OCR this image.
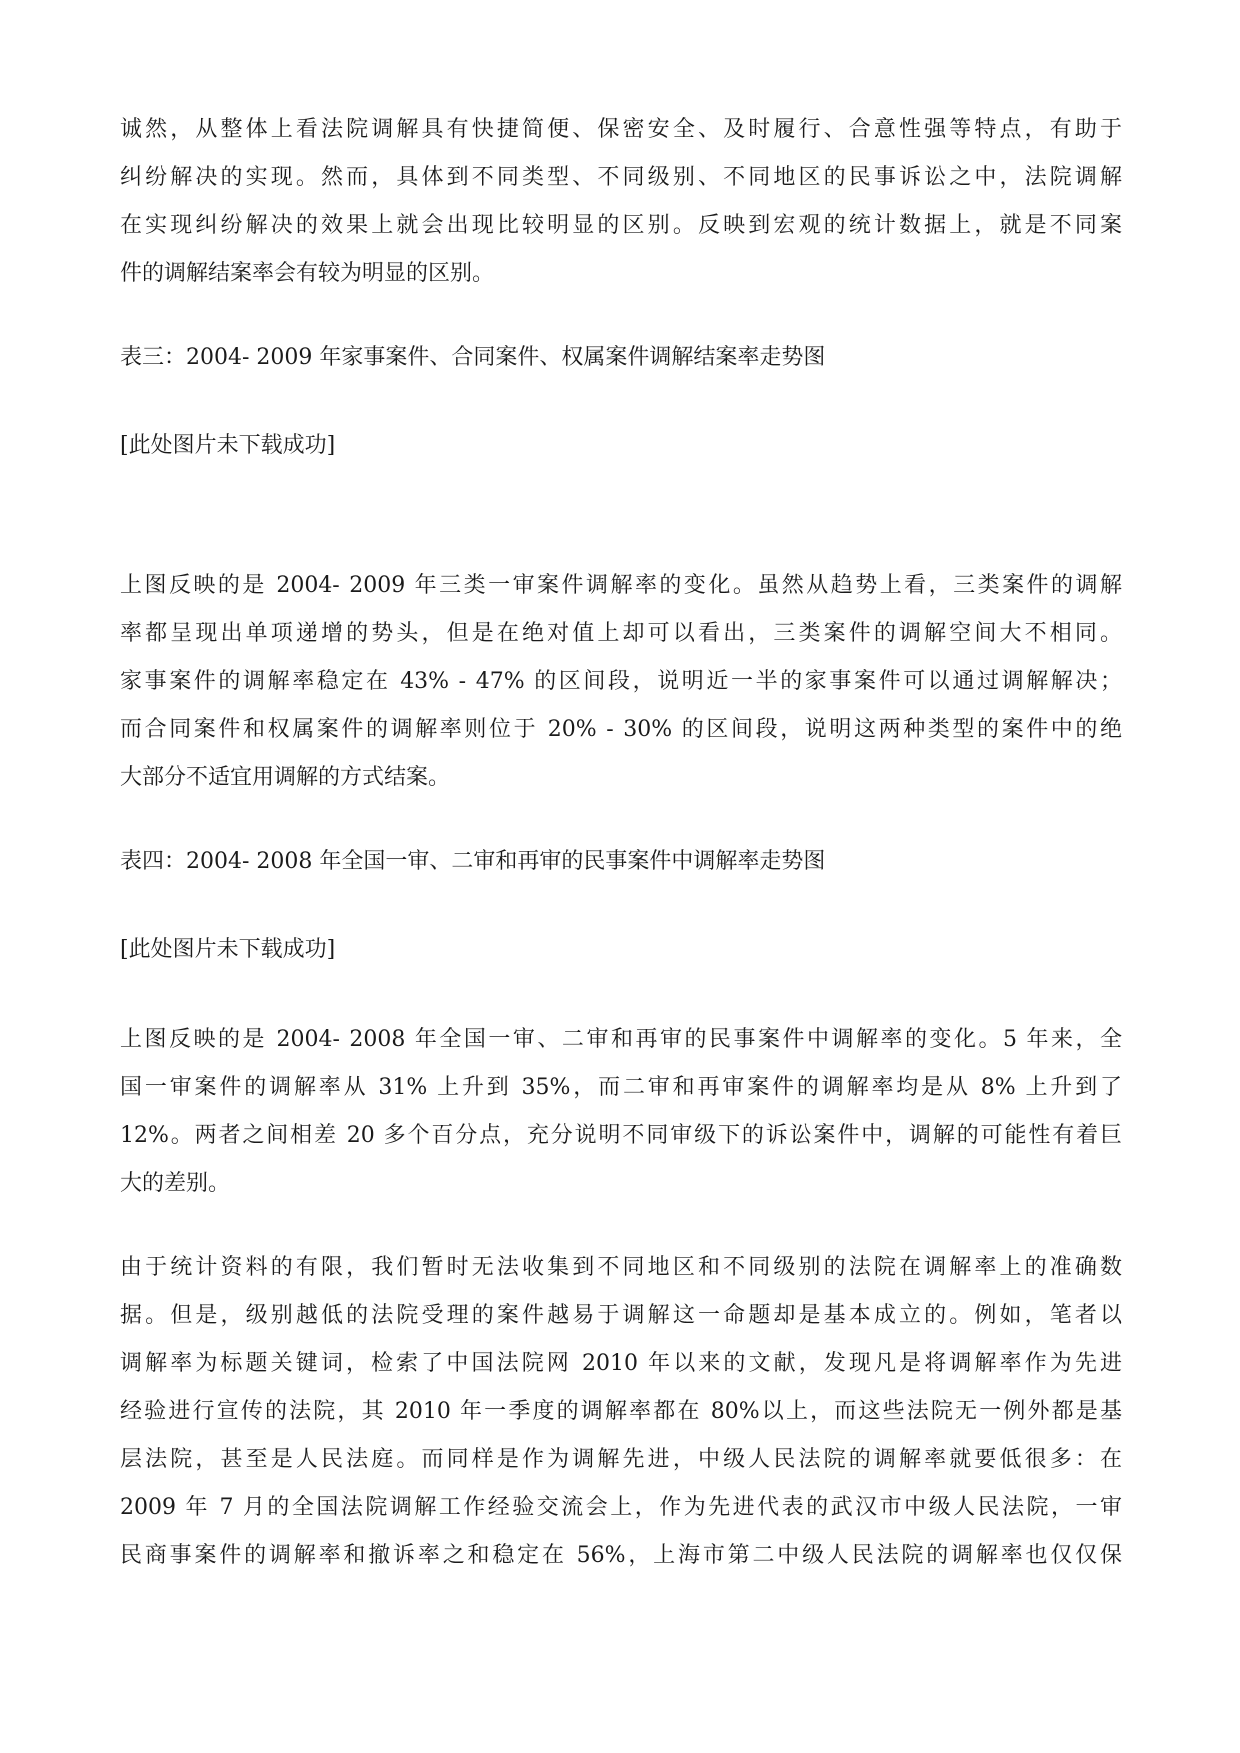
诚然，从整体上看法院调解具有快捷简便、保密安全、及时履行、合意性强等特点，有助于
纠纷解决的实现。然而，具体到不同类型、不同级别、不同地区的民事诉讼之中，法院调解
在实现纠纷解决的效果上就会出现比较明显的区别。反映到宏观的统计数据上，就是不同案
件的调解结案率会有较为明显的区别。
表三：2004- 2009 年家事案件、合同案件、权属案件调解结案率走势图
[此处图片未下载成功]
上图反映的是 2004- 2009 年三类一审案件调解率的变化。虽然从趋势上看，三类案件的调解
率都呈现出单项递增的势头，但是在绝对值上却可以看出，三类案件的调解空间大不相同。
家事案件的调解率稳定在 43% - 47% 的区间段，说明近一半的家事案件可以通过调解解决；
而合同案件和权属案件的调解率则位于 20% - 30% 的区间段，说明这两种类型的案件中的绝
大部分不适宜用调解的方式结案。
表四：2004- 2008 年全国一审、二审和再审的民事案件中调解率走势图
[此处图片未下载成功]
上图反映的是 2004- 2008 年全国一审、二审和再审的民事案件中调解率的变化。5 年来，全
国一审案件的调解率从 31% 上升到 35%，而二审和再审案件的调解率均是从 8% 上升到了
12%。两者之间相差 20 多个百分点，充分说明不同审级下的诉讼案件中，调解的可能性有着巨
大的差别。
由于统计资料的有限，我们暂时无法收集到不同地区和不同级别的法院在调解率上的准确数
据。但是，级别越低的法院受理的案件越易于调解这一命题却是基本成立的。例如，笔者以
调解率为标题关键词，检索了中国法院网 2010 年以来的文献，发现凡是将调解率作为先进
经验进行宣传的法院，其 2010 年一季度的调解率都在 80%以上，而这些法院无一例外都是基
层法院，甚至是人民法庭。而同样是作为调解先进，中级人民法院的调解率就要低很多：在
2009 年 7 月的全国法院调解工作经验交流会上，作为先进代表的武汉市中级人民法院，一审
民商事案件的调解率和撤诉率之和稳定在 56%，上海市第二中级人民法院的调解率也仅仅保
